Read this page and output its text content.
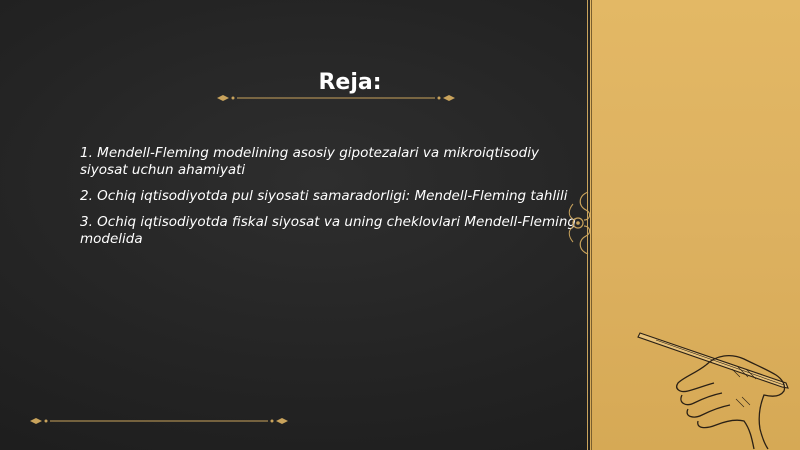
Reja:
1. Mendell-Fleming modelining asosiy gipotezalari va mikroiqtisodiy siyosat uchun ahamiyati
2. Ochiq iqtisodiyotda pul siyosati samaradorligi: Mendell-Fleming tahlili
3. Ochiq iqtisodiyotda fiskal siyosat va uning cheklovlari Mendell-Fleming modelida
